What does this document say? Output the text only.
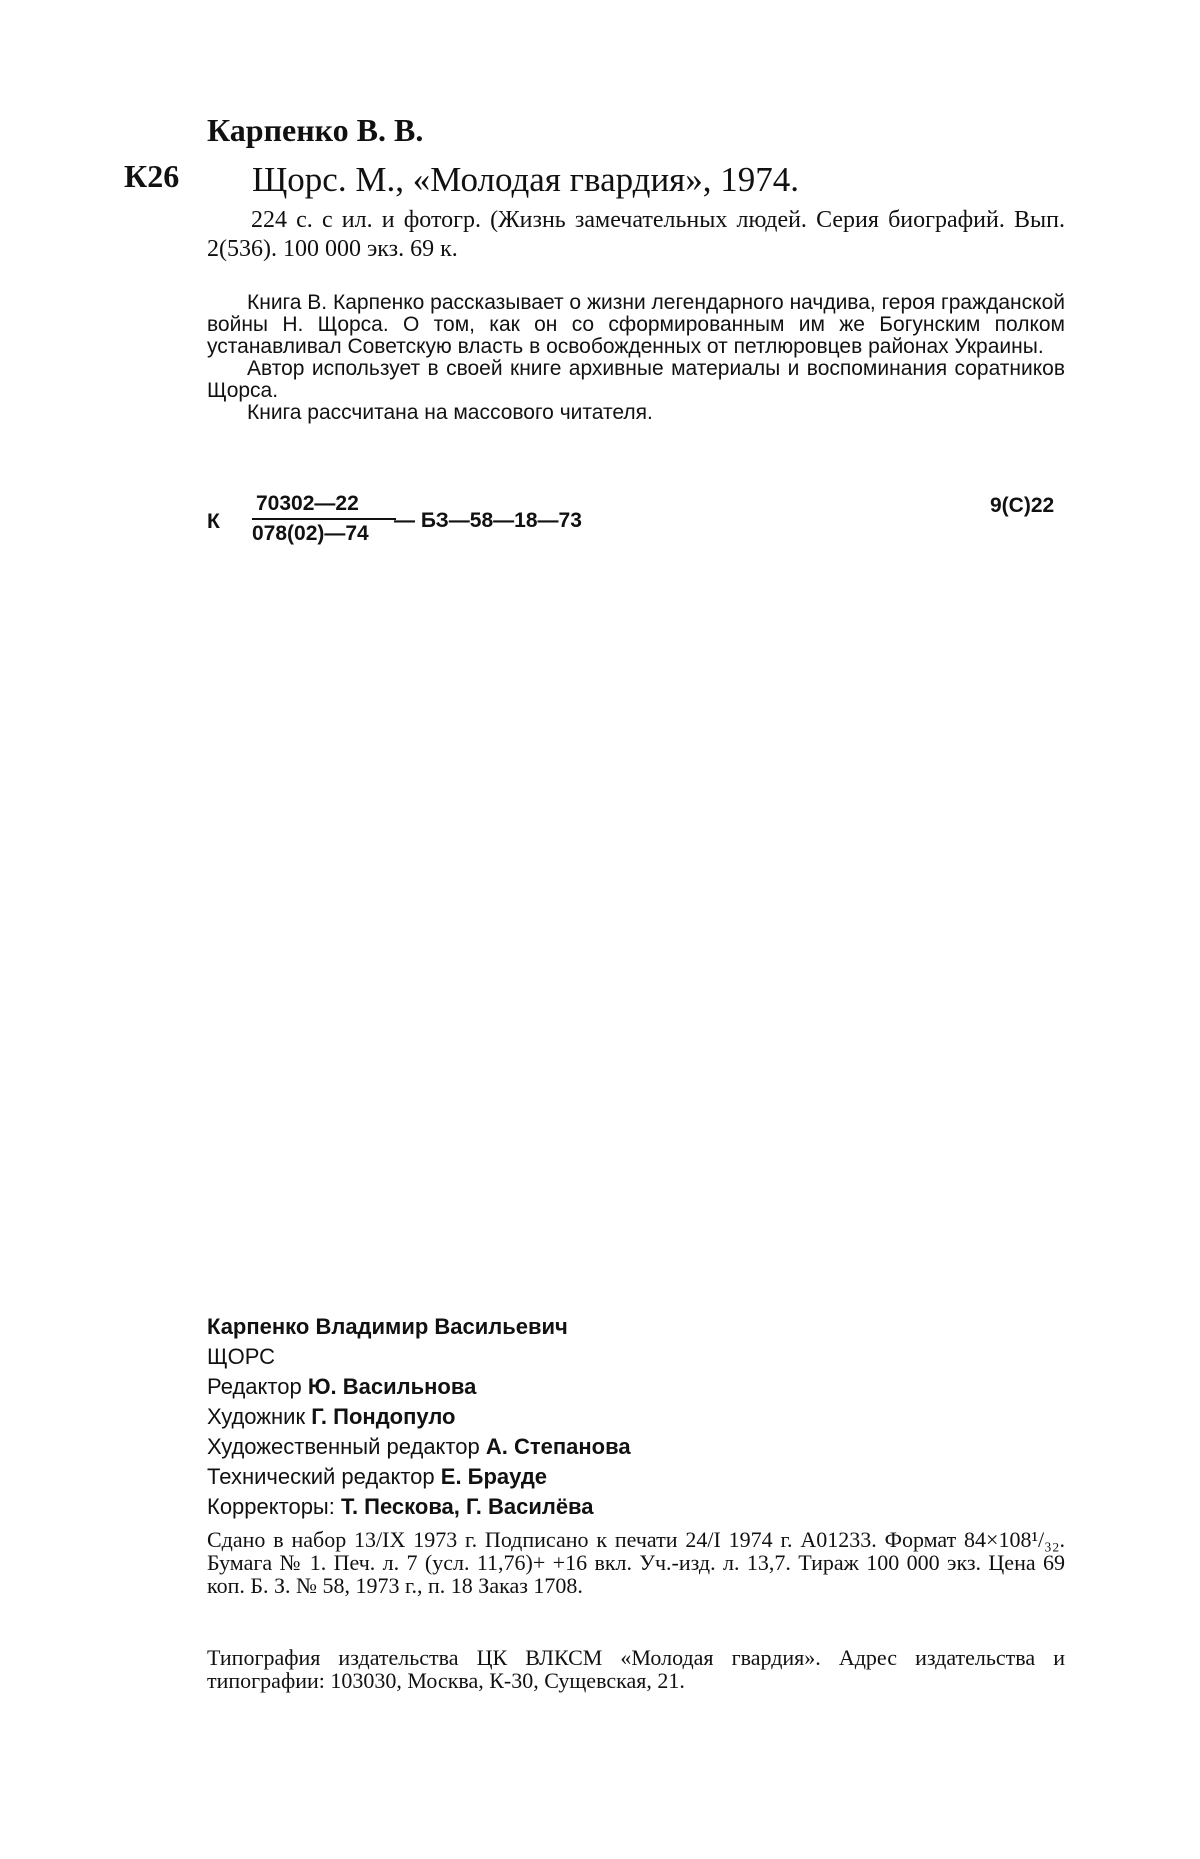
Карпенко В. В.
К26 Щорс. М., «Молодая гвардия», 1974.
224 с. с ил. и фотогр. (Жизнь замечательных людей. Серия биографий. Вып. 2(536). 100 000 экз. 69 к.

Книга В. Карпенко рассказывает о жизни легендарного начдива, героя гражданской войны Н. Щорса. О том, как он со сформированным им же Богунским полком устанавливал Советскую власть в освобожденных от петлюровцев районах Украины.

Автор использует в своей книге архивные материалы и воспоминания соратников Щорса.

Книга рассчитана на массового читателя.

К $\frac{70302—22}{078(02)—74}$
— БЗ—58—18—73
9(С)22
Карпенко Владимир Васильевич
ЩОРС
Редактор Ю. Васильнова
Художник Г. Пондопуло
Художественный редактор А. Степанова
Технический редактор Е. Брауде
Корректоры: Т. Пескова, Г. Василёва
Сдано в набор 13/IX 1973 г. Подписано к печати 24/I 1974 г. А01233. Формат 84×108¹/₃₂. Бумага № 1. Печ. л. 7 (усл. 11,76)+ +16 вкл. Уч.-изд. л. 13,7. Тираж 100 000 экз. Цена 69 коп. Б. З. № 58, 1973 г., п. 18 Заказ 1708.
Типография издательства ЦК ВЛКСМ «Молодая гвардия». Адрес издательства и типографии: 103030, Москва, К-30, Сущевская, 21.
